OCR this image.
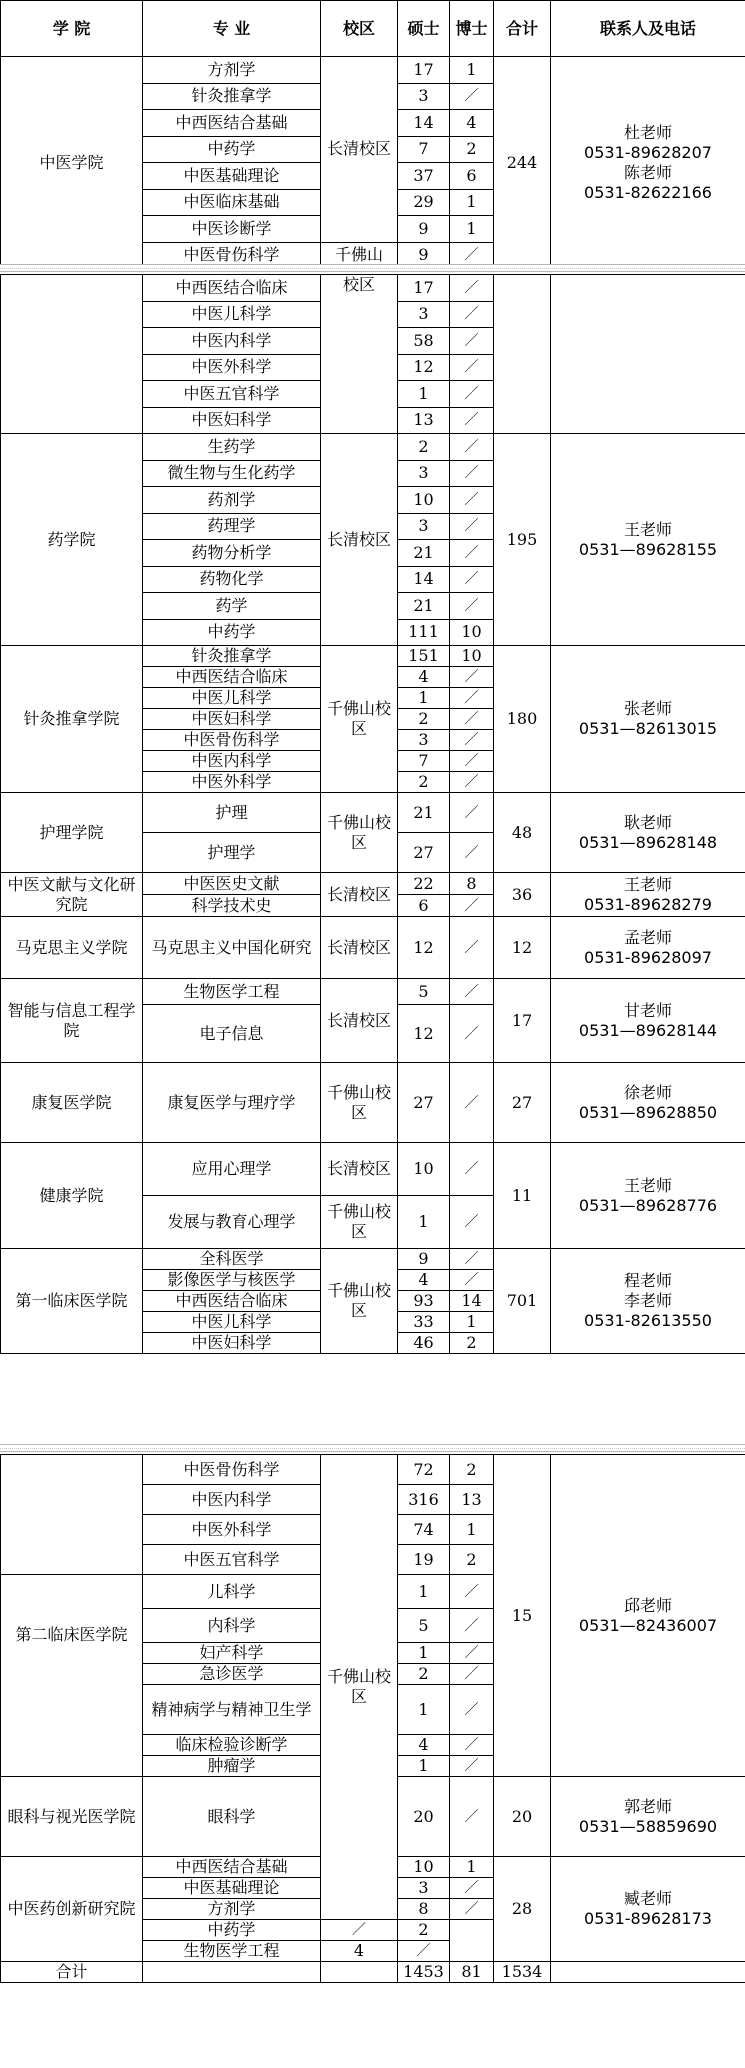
学 院	专 业	校区	硕士	博士	合计	联系人及电话
中医学院	方剂学	长清校区	17	1	244	杜老师
0531-89628207
陈老师
0531-82622166

	针灸推拿学		3	／		
	中西医结合基础		14	4		
	中药学		7	2		
	中医基础理论		37	6		
	中医临床基础		29	1		
	中医诊断学		9	1		
	中医骨伤科学	千佛山	9	／		
	中西医结合临床	校区	17	／		
	中医儿科学		3	／		
	中医内科学		58	／		
	中医外科学		12	／		
	中医五官科学		1	／		
	中医妇科学		13	／		
药学院	生药学	长清校区	2	／	195	王老师
0531—89628155

	微生物与生化药学		3	／		
	药剂学		10	／		
	药理学		3	／		
	药物分析学		21	／		
	药物化学		14	／		
	药学		21	／		
	中药学		111	10		
针灸推拿学院	针灸推拿学	千佛山校区	151	10	180	张老师
0531—82613015

	中西医结合临床		4	／		
	中医儿科学		1	／		
	中医妇科学		2	／		
	中医骨伤科学		3	／		
	中医内科学		7	／		
	中医外科学		2	／		
护理学院	护理	千佛山校区	21	／	48	耿老师
0531—89628148

	护理学		27	／		
中医文献与文化研究院	中医医史文献	长清校区	22	8	36	王老师
0531-89628279

	科学技术史		6	／		
马克思主义学院	马克思主义中国化研究	长清校区	12	／	12	孟老师
0531-89628097

智能与信息工程学院	生物医学工程	长清校区	5	／	17	甘老师
0531—89628144

	电子信息		12	／		
康复医学院	康复医学与理疗学	千佛山校区	27	／	27	徐老师
0531—89628850

健康学院	应用心理学	长清校区	10	／	11	王老师
0531—89628776

	发展与教育心理学	千佛山校区	1	／		
第一临床医学院	全科医学	千佛山校区	9	／	701	程老师
李老师
0531-82613550

	影像医学与核医学		4	／		
	中西医结合临床		93	14		
	中医儿科学		33	1		
	中医妇科学		46	2		
	中医骨伤科学	千佛山校区	72	2	15	邱老师
0531—82436007

	中医内科学		316	13		
	中医外科学		74	1		
	中医五官科学		19	2		
第二临床医学院	儿科学		1	／		
	内科学		5	／		
	妇产科学		1	／		
	急诊医学		2	／		
	精神病学与精神卫生学		1	／		
	临床检验诊断学		4	／		
	肿瘤学		1	／		
眼科与视光医学院	眼科学		20	／	20	郭老师
0531—58859690

中医药创新研究院	中西医结合基础		10	1	28	臧老师
0531-89628173

	中医基础理论		3	／		
	方剂学		8	／		
	中药学	／	2			
	生物医学工程	4	／			
合计			1453	81	1534	
